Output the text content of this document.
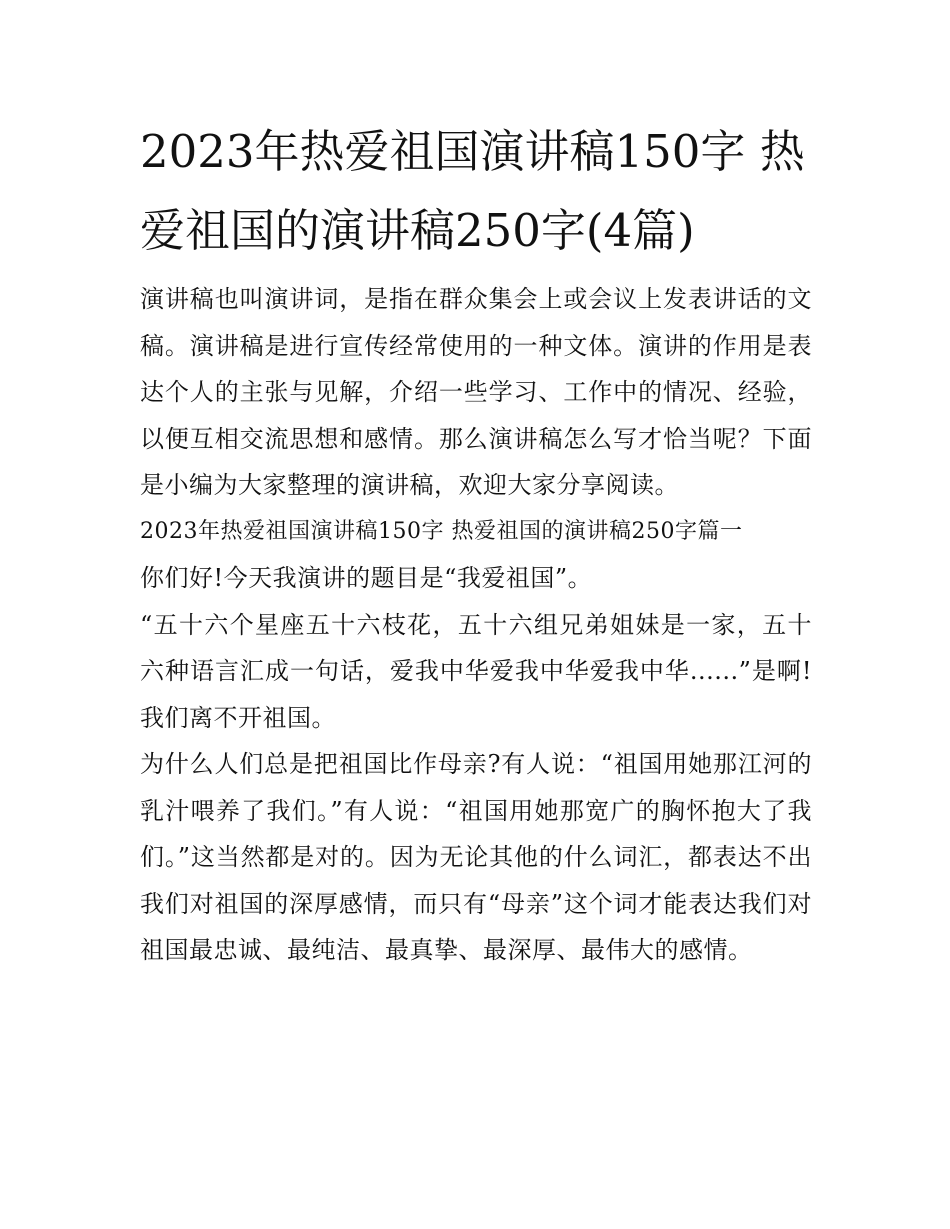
2023年热爱祖国演讲稿150字 热爱祖国的演讲稿250字(4篇)

演讲稿也叫演讲词，是指在群众集会上或会议上发表讲话的文稿。演讲稿是进行宣传经常使用的一种文体。演讲的作用是表达个人的主张与见解，介绍一些学习、工作中的情况、经验，以便互相交流思想和感情。那么演讲稿怎么写才恰当呢？下面是小编为大家整理的演讲稿，欢迎大家分享阅读。

2023年热爱祖国演讲稿150字 热爱祖国的演讲稿250字篇一

你们好!今天我演讲的题目是“我爱祖国”。

“五十六个星座五十六枝花，五十六组兄弟姐妹是一家，五十六种语言汇成一句话，爱我中华爱我中华爱我中华......”是啊!我们离不开祖国。

为什么人们总是把祖国比作母亲?有人说：“祖国用她那江河的乳汁喂养了我们。”有人说：“祖国用她那宽广的胸怀抱大了我们。”这当然都是对的。因为无论其他的什么词汇，都表达不出我们对祖国的深厚感情，而只有“母亲”这个词才能表达我们对祖国最忠诚、最纯洁、最真挚、最深厚、最伟大的感情。
